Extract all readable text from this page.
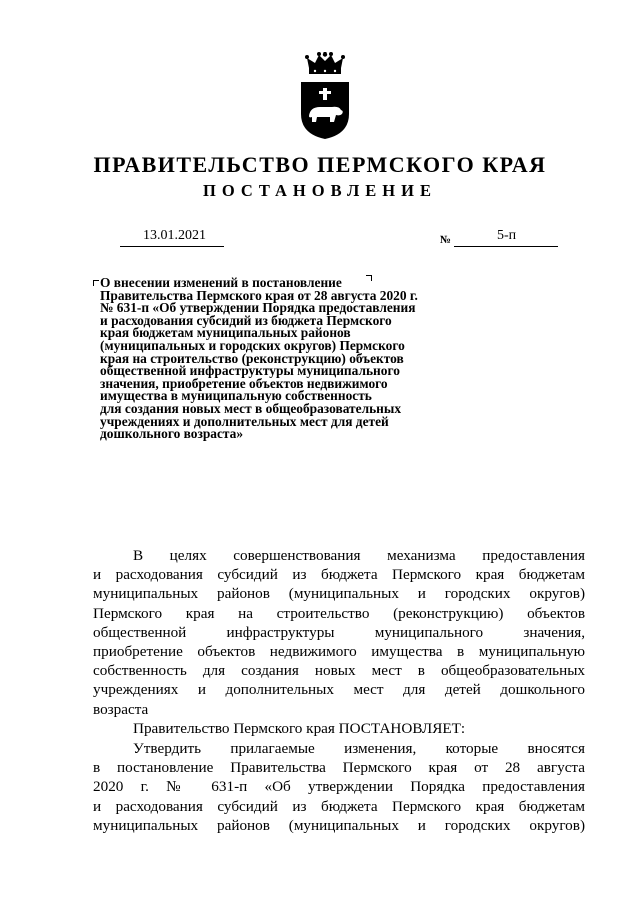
ПРАВИТЕЛЬСТВО ПЕРМСКОГО КРАЯ
ПОСТАНОВЛЕНИЕ
13.01.2021	№	5-п

О внесении изменений в постановление
Правительства Пермского края от 28 августа 2020 г.
№ 631-п «Об утверждении Порядка предоставления
и расходования субсидий из бюджета Пермского
края бюджетам муниципальных районов
(муниципальных и городских округов) Пермского
края на строительство (реконструкцию) объектов
общественной инфраструктуры муниципального
значения, приобретение объектов недвижимого
имущества в муниципальную собственность
для создания новых мест в общеобразовательных
учреждениях и дополнительных мест для детей
дошкольного возраста»

В целях совершенствования механизма предоставления
и расходования субсидий из бюджета Пермского края бюджетам
муниципальных районов (муниципальных и городских округов)
Пермского края на строительство (реконструкцию) объектов
общественной инфраструктуры муниципального значения,
приобретение объектов недвижимого имущества в муниципальную
собственность для создания новых мест в общеобразовательных
учреждениях и дополнительных мест для детей дошкольного
возраста

Правительство Пермского края ПОСТАНОВЛЯЕТ:

Утвердить прилагаемые изменения, которые вносятся
в постановление Правительства Пермского края от 28 августа
2020 г. № 631-п «Об утверждении Порядка предоставления
и расходования субсидий из бюджета Пермского края бюджетам
муниципальных районов (муниципальных и городских округов)
